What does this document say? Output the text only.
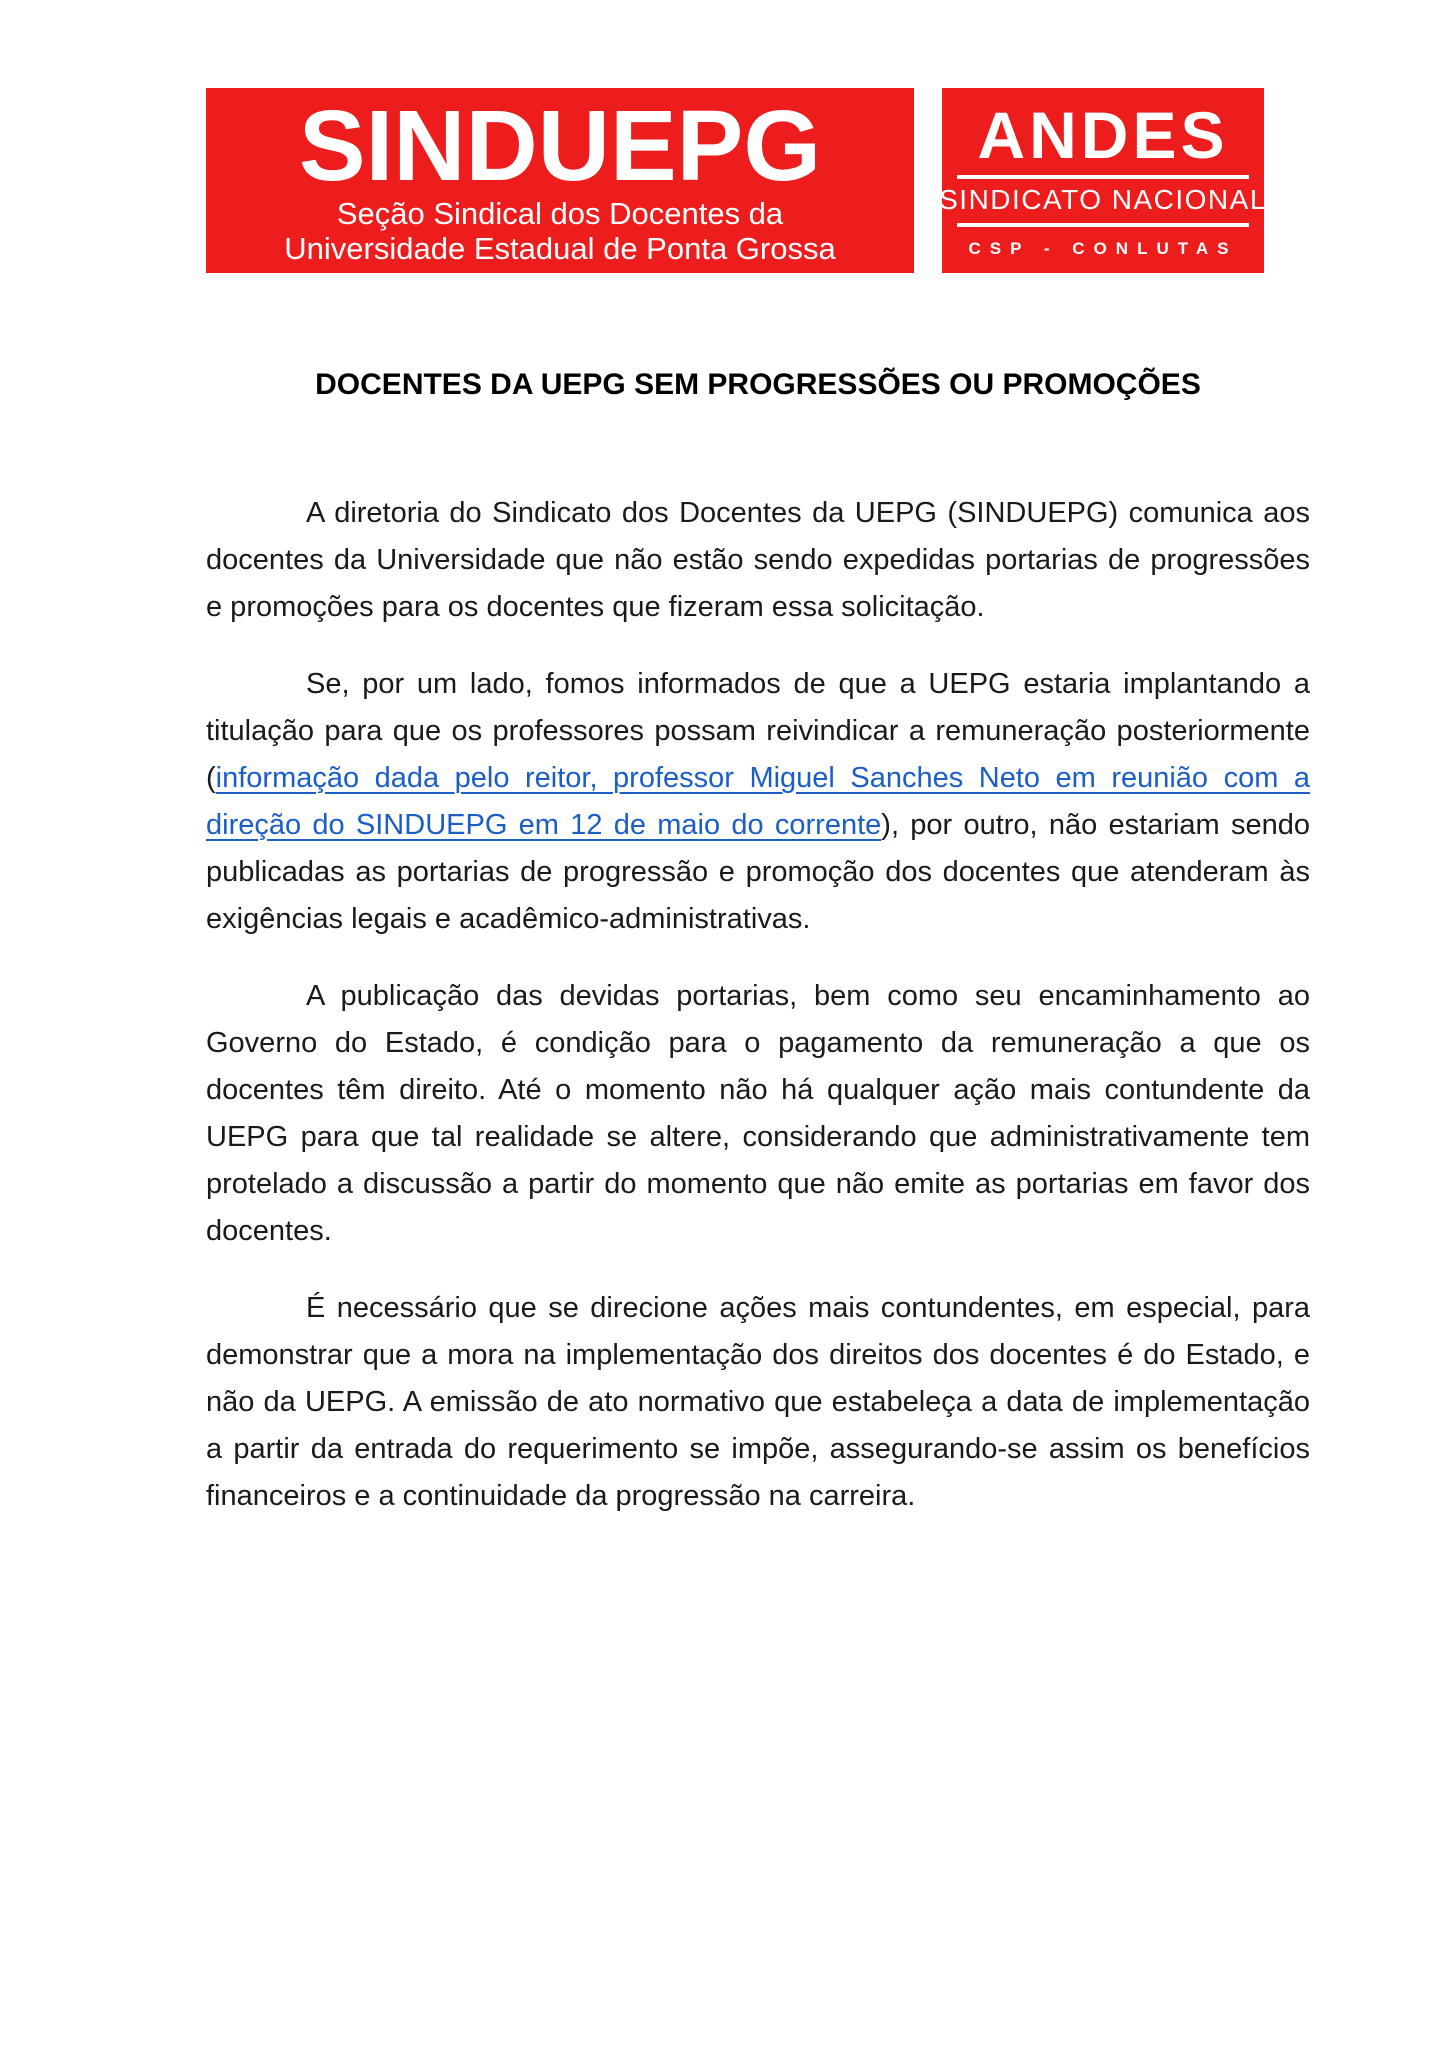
SINDUEPG
Seção Sindical dos Docentes da
Universidade Estadual de Ponta Grossa
ANDES
SINDICATO NACIONAL
CSP - CONLUTAS
DOCENTES DA UEPG SEM PROGRESSÕES OU PROMOÇÕES

A diretoria do Sindicato dos Docentes da UEPG (SINDUEPG) comunica aos docentes da Universidade que não estão sendo expedidas portarias de progressões e promoções para os docentes que fizeram essa solicitação.

Se, por um lado, fomos informados de que a UEPG estaria implantando a titulação para que os professores possam reivindicar a remuneração posteriormente (informação dada pelo reitor, professor Miguel Sanches Neto em reunião com a direção do SINDUEPG em 12 de maio do corrente), por outro, não estariam sendo publicadas as portarias de progressão e promoção dos docentes que atenderam às exigências legais e acadêmico-administrativas.

A publicação das devidas portarias, bem como seu encaminhamento ao Governo do Estado, é condição para o pagamento da remuneração a que os docentes têm direito. Até o momento não há qualquer ação mais contundente da UEPG para que tal realidade se altere, considerando que administrativamente tem protelado a discussão a partir do momento que não emite as portarias em favor dos docentes.

É necessário que se direcione ações mais contundentes, em especial, para demonstrar que a mora na implementação dos direitos dos docentes é do Estado, e não da UEPG. A emissão de ato normativo que estabeleça a data de implementação a partir da entrada do requerimento se impõe, assegurando-se assim os benefícios financeiros e a continuidade da progressão na carreira.
